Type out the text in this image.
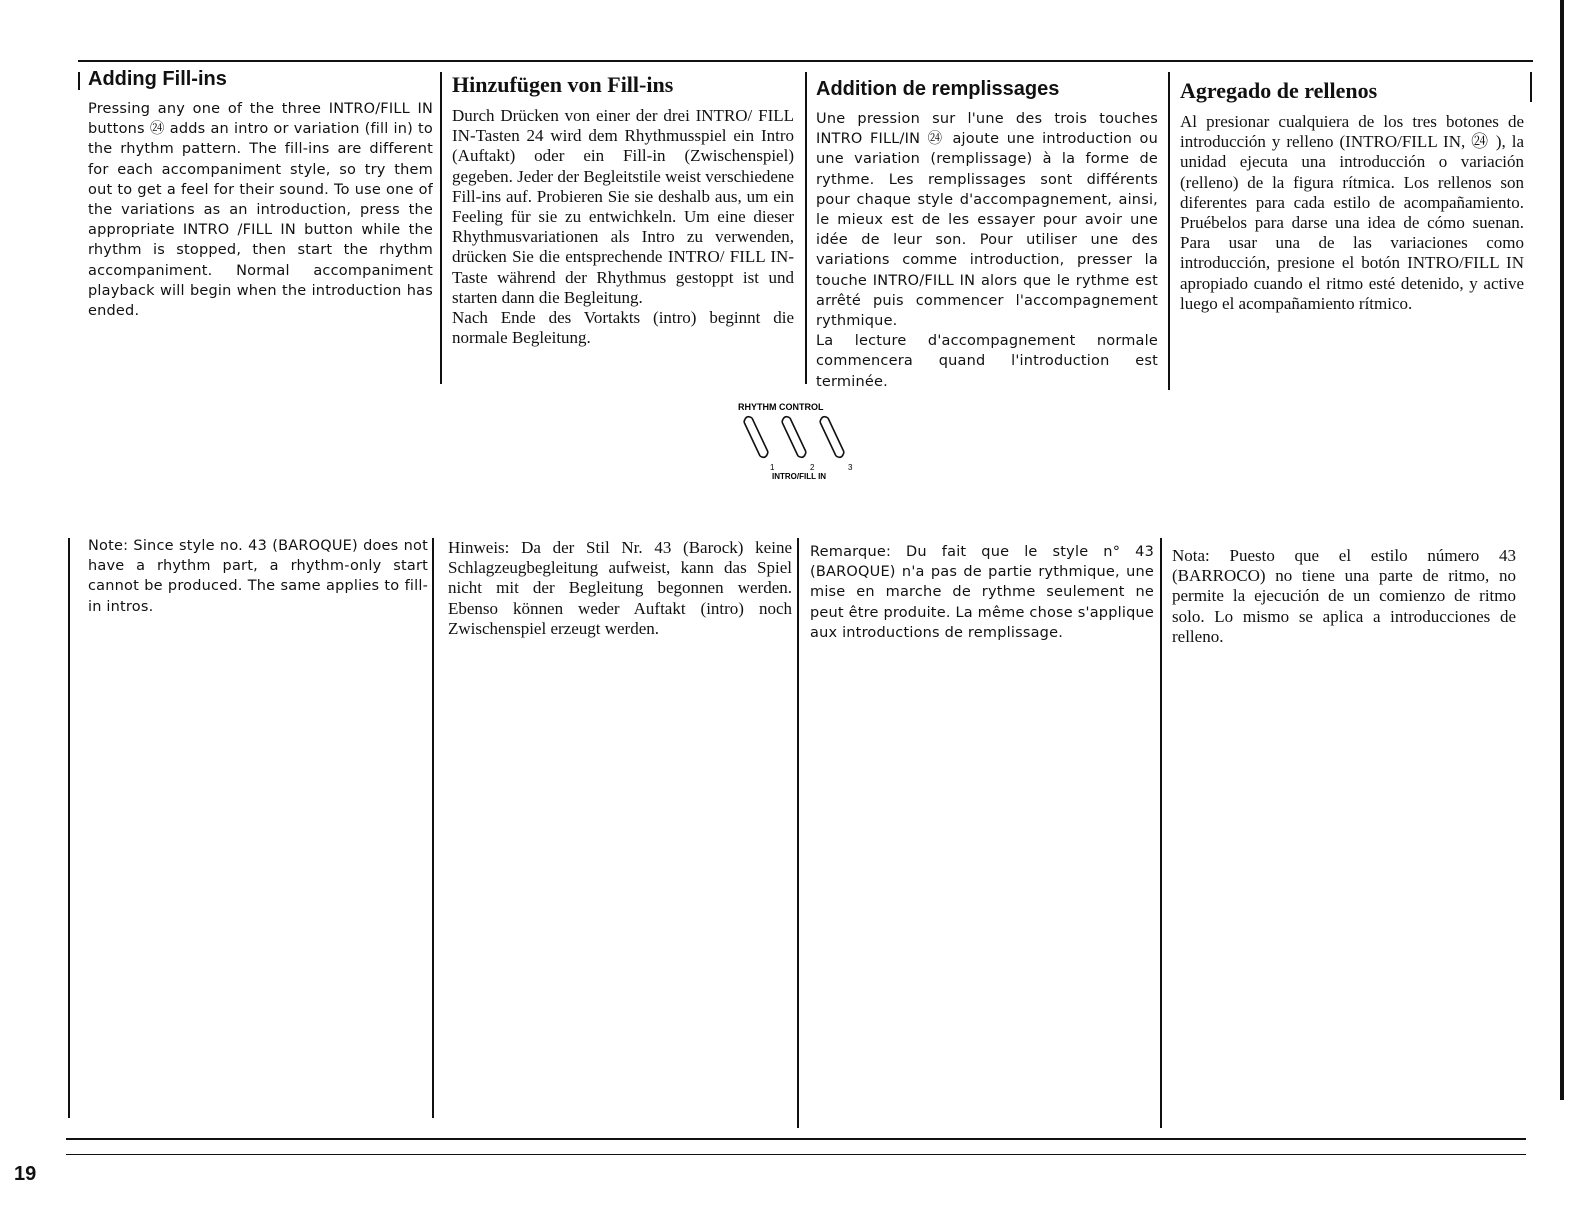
Adding Fill-ins

Pressing any one of the three INTRO/FILL IN buttons ㉔ adds an intro or variation (fill in) to the rhythm pattern. The fill-ins are different for each accompaniment style, so try them out to get a feel for their sound. To use one of the variations as an introduction, press the appropriate INTRO /FILL IN button while the rhythm is stopped, then start the rhythm accompaniment. Normal accompaniment playback will begin when the introduction has ended.

Hinzufügen von Fill-ins

Durch Drücken von einer der drei INTRO/ FILL IN-Tasten 24 wird dem Rhythmusspiel ein Intro (Auftakt) oder ein Fill-in (Zwischenspiel) gegeben. Jeder der Begleitstile weist verschiedene Fill-ins auf. Probieren Sie sie deshalb aus, um ein Feeling für sie zu entwichkeln. Um eine dieser Rhythmusvariationen als Intro zu verwenden, drücken Sie die entsprechende INTRO/ FILL IN-Taste während der Rhythmus gestoppt ist und starten dann die Begleitung.

Nach Ende des Vortakts (intro) beginnt die normale Begleitung.

Addition de remplissages

Une pression sur l'une des trois touches INTRO FILL/IN ㉔ ajoute une introduction ou une variation (remplissage) à la forme de rythme. Les remplissages sont différents pour chaque style d'accompagnement, ainsi, le mieux est de les essayer pour avoir une idée de leur son. Pour utiliser une des variations comme introduction, presser la touche INTRO/FILL IN alors que le rythme est arrêté puis commencer l'accompagnement rythmique.

La lecture d'accompagnement normale commencera quand l'introduction est terminée.

Agregado de rellenos

Al presionar cualquiera de los tres botones de introducción y relleno (INTRO/FILL IN, ㉔ ), la unidad ejecuta una introducción o variación (relleno) de la figura rítmica. Los rellenos son diferentes para cada estilo de acompañamiento. Pruébelos para darse una idea de cómo suenan. Para usar una de las variaciones como introducción, presione el botón INTRO/FILL IN apropiado cuando el ritmo esté detenido, y active luego el acompañamiento rítmico.

RHYTHM CONTROL
1	2	3
INTRO/FILL IN

Note: Since style no. 43 (BAROQUE) does not have a rhythm part, a rhythm-only start cannot be produced. The same applies to fill-in intros.

Hinweis: Da der Stil Nr. 43 (Barock) keine Schlagzeugbegleitung aufweist, kann das Spiel nicht mit der Begleitung begonnen werden. Ebenso können weder Auftakt (intro) noch Zwischenspiel erzeugt werden.

Remarque: Du fait que le style n° 43 (BAROQUE) n'a pas de partie rythmique, une mise en marche de rythme seulement ne peut être produite. La même chose s'applique aux introductions de remplissage.

Nota: Puesto que el estilo número 43 (BARROCO) no tiene una parte de ritmo, no permite la ejecución de un comienzo de ritmo solo. Lo mismo se aplica a introducciones de relleno.

19
